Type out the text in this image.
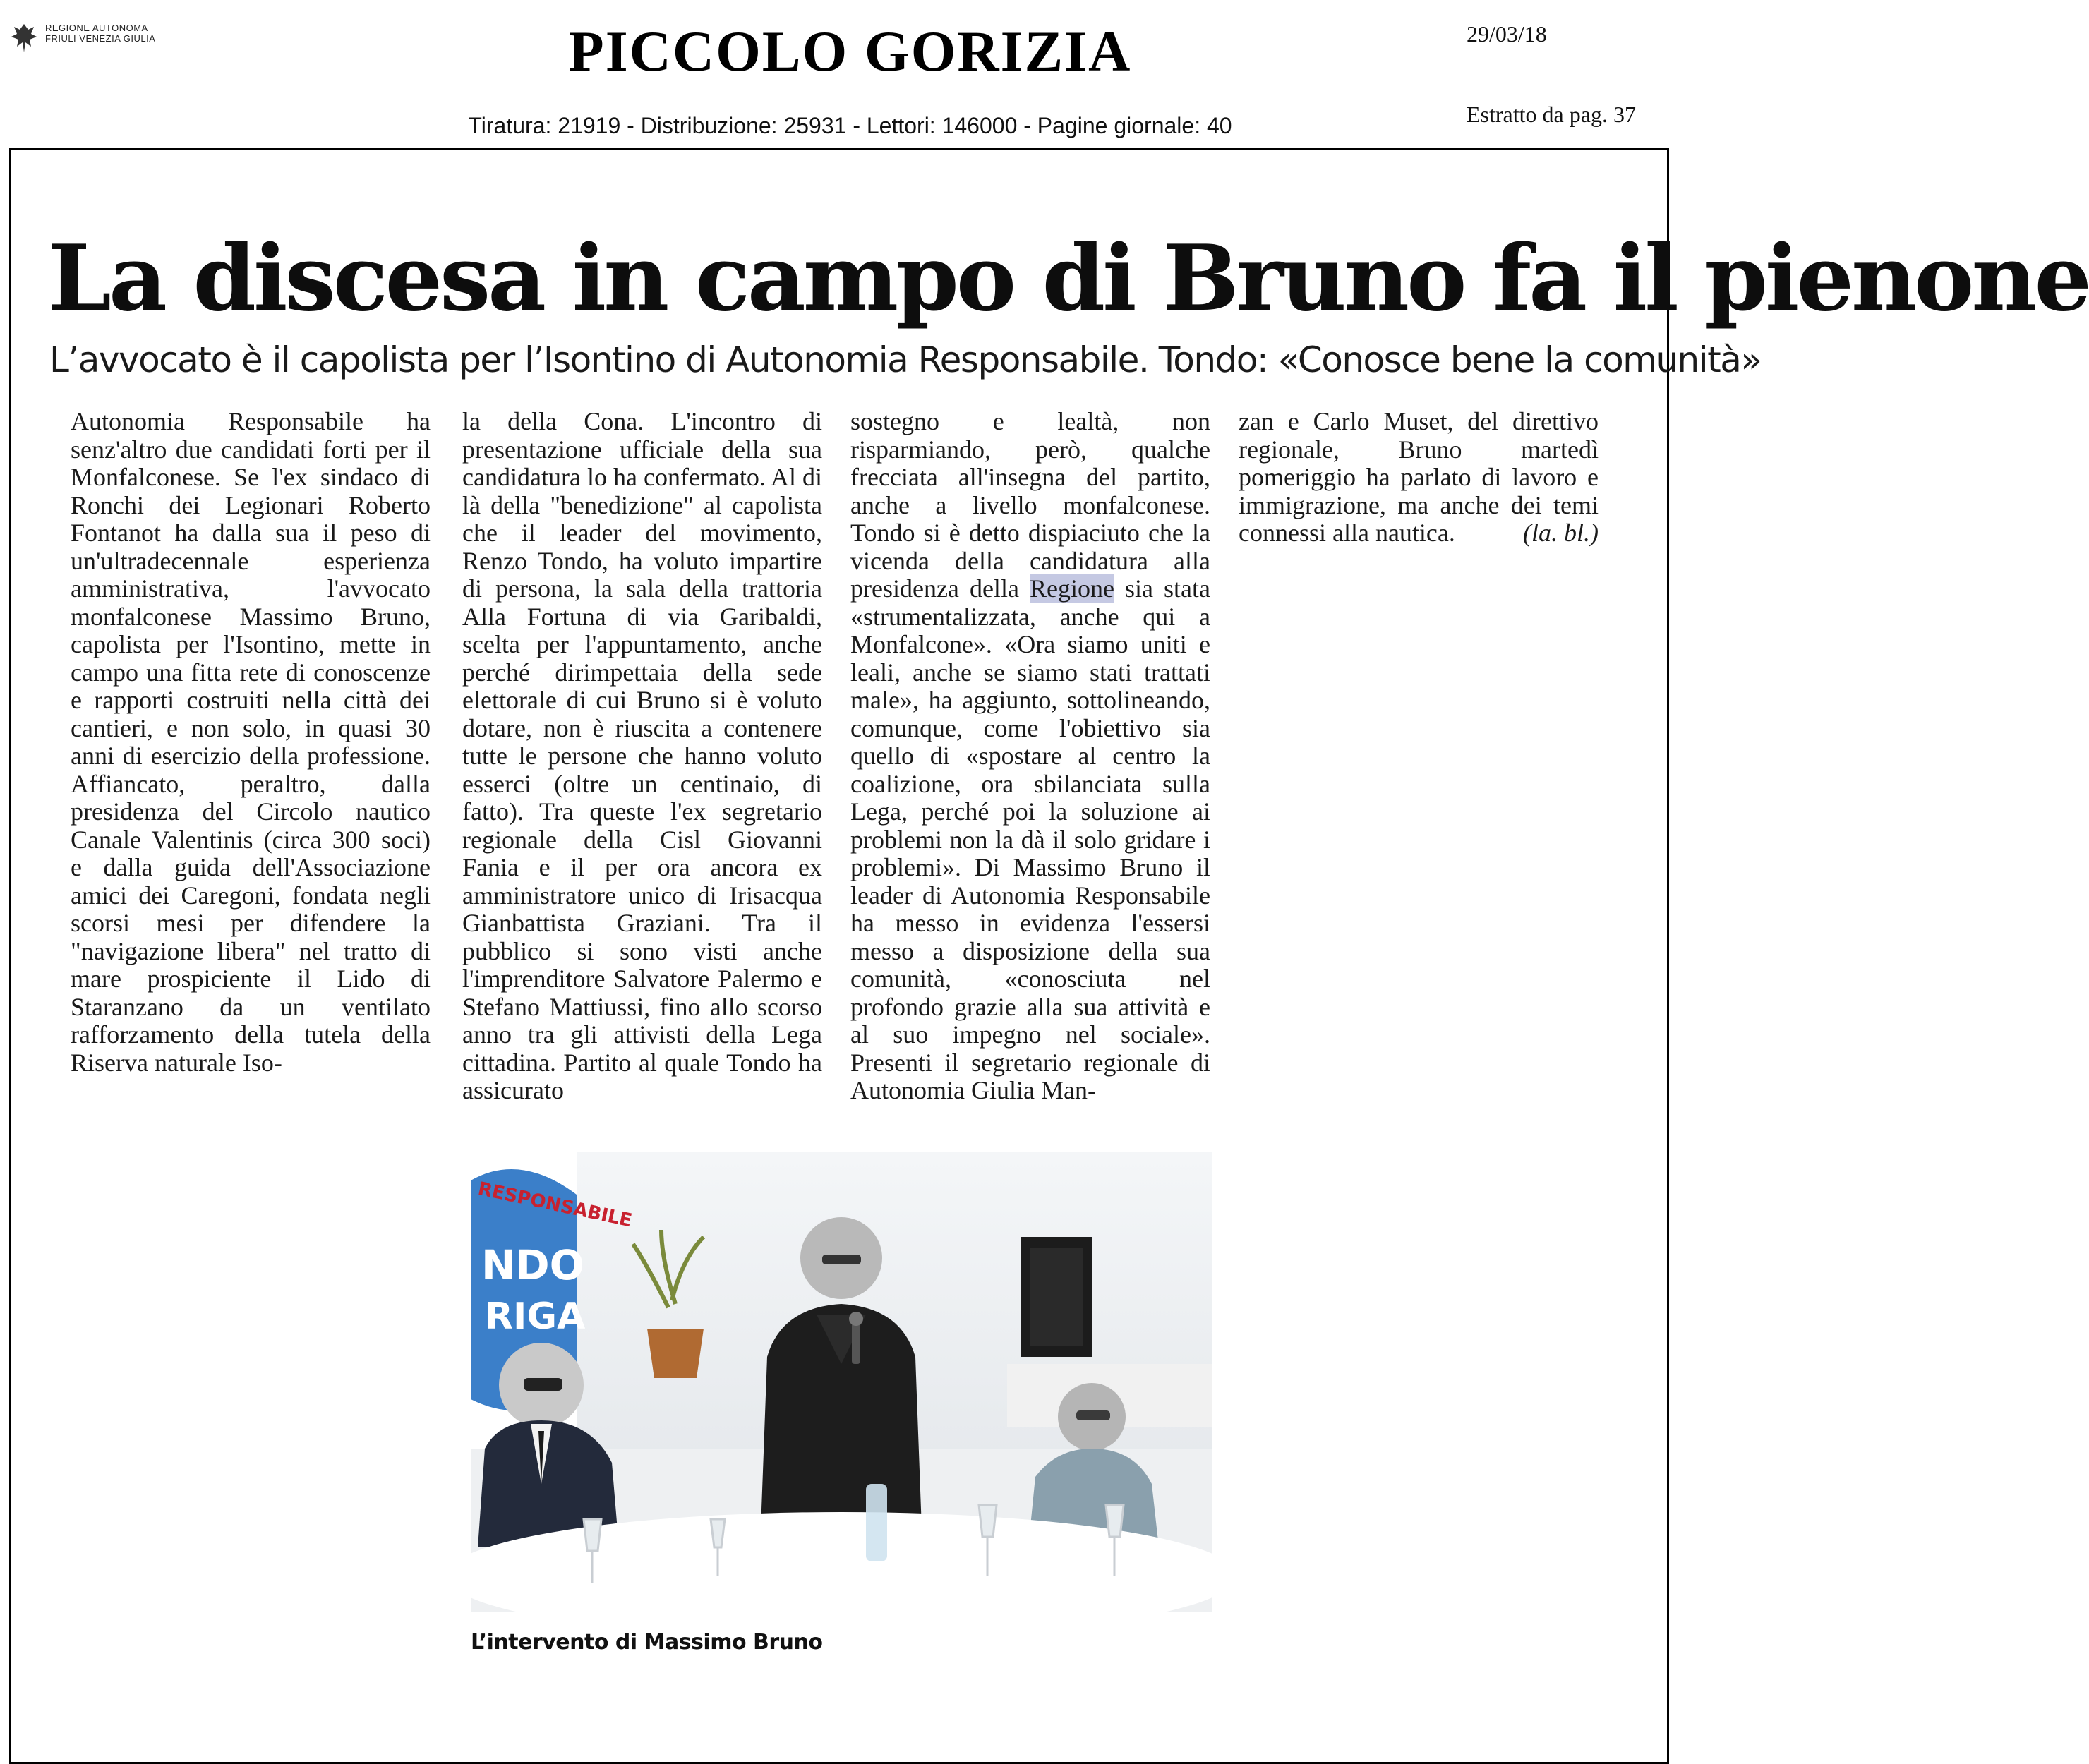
REGIONE AUTONOMA
FRIULI VENEZIA GIULIA	PICCOLO GORIZIA	29/03/18
Tiratura: 21919 - Distribuzione: 25931 - Lettori: 146000 - Pagine giornale: 40	Estratto da pag. 37
La discesa in campo di Bruno fa il pienone
L’avvocato è il capolista per l’Isontino di Autonomia Responsabile. Tondo: «Conosce bene la comunità»

Autonomia Responsabile ha senz'altro due candidati forti per il Monfalconese. Se l'ex sindaco di Ronchi dei Legionari Roberto Fontanot ha dalla sua il peso di un'ultradecennale esperienza amministrativa, l'avvocato monfalconese Massimo Bruno, capolista per l'Isontino, mette in campo una fitta rete di conoscenze e rapporti costruiti nella città dei cantieri, e non solo, in quasi 30 anni di esercizio della professione. Affiancato, peraltro, dalla presidenza del Circolo nautico Canale Valentinis (circa 300 soci) e dalla guida dell'Associazione amici dei Caregoni, fondata negli scorsi mesi per difendere la "navigazione libera" nel tratto di mare prospiciente il Lido di Staranzano da un ventilato rafforzamento della tutela della Riserva naturale Iso-

la della Cona. L'incontro di presentazione ufficiale della sua candidatura lo ha confermato. Al di là della "benedizione" al capolista che il leader del movimento, Renzo Tondo, ha voluto impartire di persona, la sala della trattoria Alla Fortuna di via Garibaldi, scelta per l'appuntamento, anche perché dirimpettaia della sede elettorale di cui Bruno si è voluto dotare, non è riuscita a contenere tutte le persone che hanno voluto esserci (oltre un centinaio, di fatto). Tra queste l'ex segretario regionale della Cisl Giovanni Fania e il per ora ancora ex amministratore unico di Irisacqua Gianbattista Graziani. Tra il pubblico si sono visti anche l'imprenditore Salvatore Palermo e Stefano Mattiussi, fino allo scorso anno tra gli attivisti della Lega cittadina. Partito al quale Tondo ha assicurato

sostegno e lealtà, non risparmiando, però, qualche frecciata all'insegna del partito, anche a livello monfalconese. Tondo si è detto dispiaciuto che la vicenda della candidatura alla presidenza della Regione sia stata «strumentalizzata, anche qui a Monfalcone». «Ora siamo uniti e leali, anche se siamo stati trattati male», ha aggiunto, sottolineando, comunque, come l'obiettivo sia quello di «spostare al centro la coalizione, ora sbilanciata sulla Lega, perché poi la soluzione ai problemi non la dà il solo gridare i problemi». Di Massimo Bruno il leader di Autonomia Responsabile ha messo in evidenza l'essersi messo a disposizione della sua comunità, «conosciuta nel profondo grazie alla sua attività e al suo impegno nel sociale». Presenti il segretario regionale di Autonomia Giulia Man-

zan e Carlo Muset, del direttivo regionale, Bruno martedì pomeriggio ha parlato di lavoro e immigrazione, ma anche dei temi connessi alla nautica.	(la. bl.)

RESPONSABILE
NDO
RIGA
L’intervento di Massimo Bruno
